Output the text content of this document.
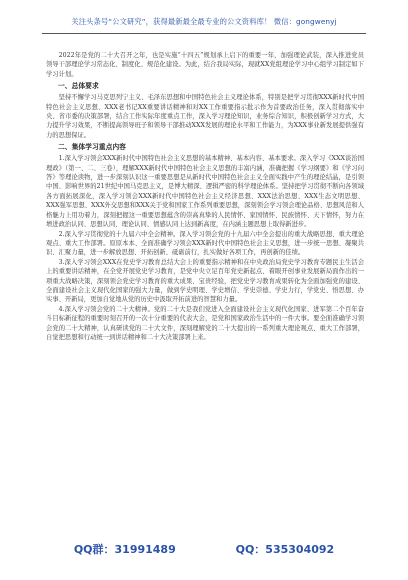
关注头条号“公文研究”，获得最新最全最专业的公文资料库！ 微信：gongwenyj

2022年是党的二十大召开之年，也是实施“十四五”规划承上启下的重要一年，加强理论武装，深入推进党员领导干部理论学习常态化、制度化、规范化建设。为此，结合我局实际，现就XX党组理论学习中心组学习制定如下学习计划。

一、总体要求

坚持不懈学习马克思列宁主义、毛泽东思想和中国特色社会主义理论体系，特别是把学习贯彻XXX新时代中国特色社会主义思想、XXX老书记XX重要讲话精神和对XX工作重要指示批示作为首要政治任务，深入贯彻落实中央、省市委的决策部署，结合工作实际年度重点工作，深入学习理论知识，业务综合知识，积极创新学习方式，大力提升学习效果，不断提高领导班子和领导干部推动XXX发展的理论水平和工作能力，为XXX事业新发展提供强有力的思想保证。

二、集体学习重点内容

1.深入学习领会XXX新时代中国特色社会主义思想的基本精神、基本内容、基本要求。深入学习《XXX谈治国理政》（第一、二、三卷），理解XXX新时代中国特色社会主义思想的丰富内涵，准确把握《学习纲要》和《学习问答》等理论读物，进一步深刻认识这一重要思想是从新时代中国特色社会主义全面实践中产生的理论结晶，是引领中国、影响世界的21世纪中国马克思主义，是博大精深、逻辑严密的科学理论体系。坚持把学习贯彻不断向各领域各方面拓展深化，深入学习领会XXX新时代中国特色社会主义经济思想、XXX法治思想、XXX生态文明思想、XXX强军思想、XXX外交思想和XXX关于党和国家工作系列重要思想，深刻领会学习领会理论品格、思想风范和人格魅力上用功着力，深刻把握这一重要思想蕴含的崇高真挚的人民情怀、家国情怀、民族情怀、天下情怀，努力在增进政治认同、思想认同、理论认同、情感认同上达到新高度，在内涵主题思想上取得新进步。

2.深入学习贯彻党的十九届六中全会精神。深入学习领会党的十九届六中全会提出的重大战略思想、重大理论观点、重大工作部署。原原本本、全面准确学习领会XXX新时代中国特色社会主义思想，进一步统一思想、凝聚共识、汇聚力量，进一步解放思想、开拓创新、砥砺前行，扎实做好各项工作，再创新的佳绩。

3.深入学习领会XXX在党史学习教育总结大会上的重要指示精神和在中央政治局党史学习教育专题民主生活会上的重要讲话精神，在全党开展党史学习教育，是党中央立足百年党史新起点、着眼开创事业发展新局面作出的一项重大战略决策，深刻领会党史学习教育的重大成果、宝贵经验，把党史学习教育成果转化为全面加强党的建设、全面建设社会主义现代化国家的强大力量，做到学史明理、学史增信、学史崇德、学史力行，学党史、悟思想、办实事、开新局，更加自觉地从党的历史中汲取开拓前进的智慧和力量。

4.深入学习领会党的二十大精神。党的二十大是我们党进入全面建设社会主义现代化国家、进军第二个百年奋斗目标新征程的重要时刻召开的一次十分重要的代表大会，是党和国家政治生活中的一件大事。要全面准确学习领会党的二十大精神，认真研读党的二十大文件，深刻理解党的二十大提出的一系列重大理论观点、重大工作部署，自觉把思想和行动统一到讲话精神和二十大决策部署上来。

QQ群：31991489	QQ：535304092
